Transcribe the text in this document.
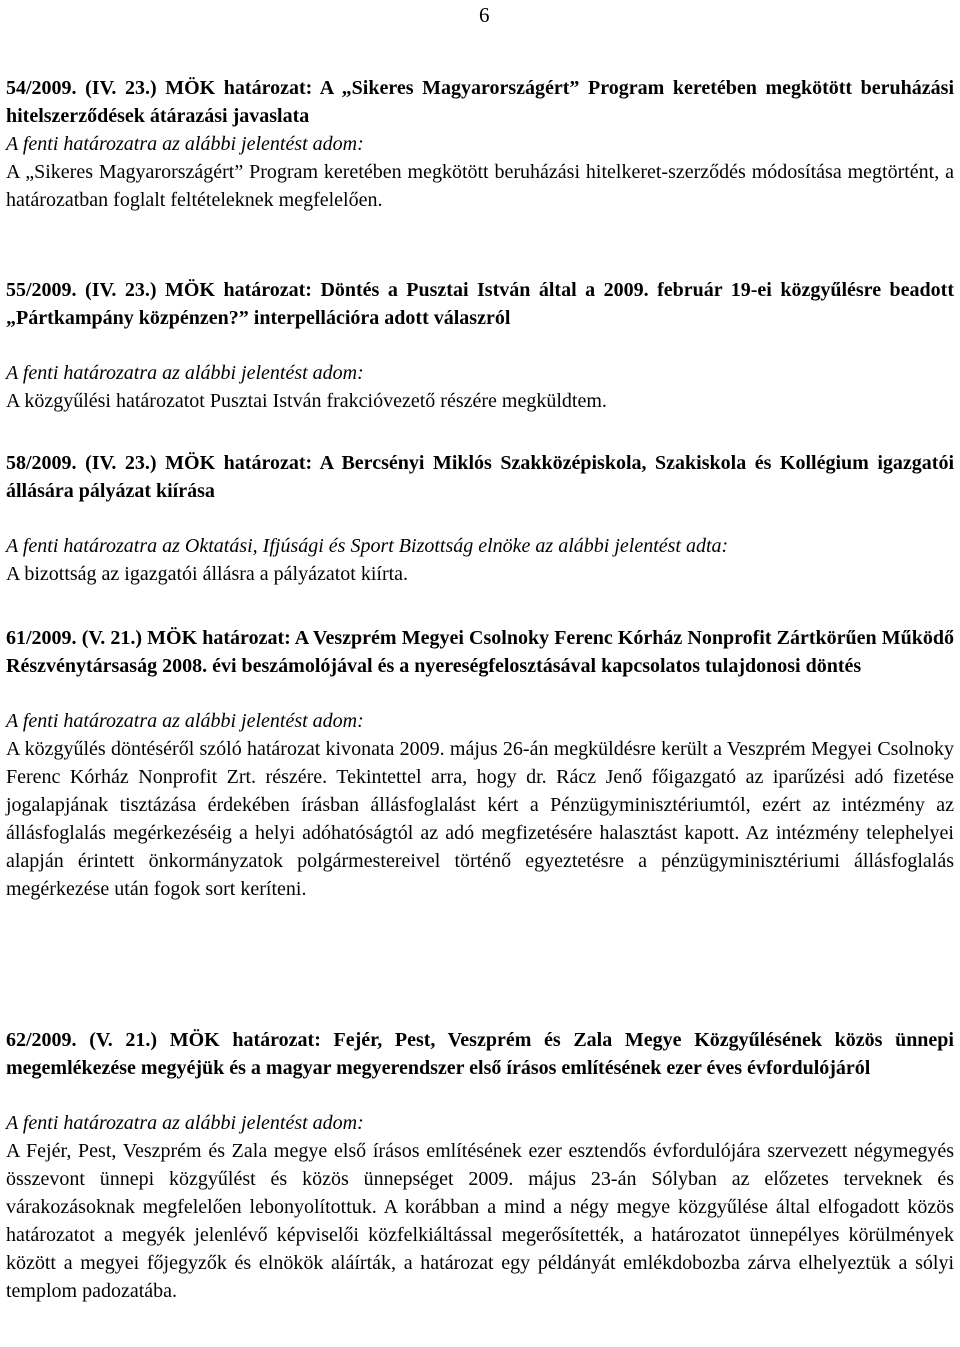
6

54/2009. (IV. 23.) MÖK határozat: A „Sikeres Magyarországért” Program keretében megkötött beruházási hitelszerződések átárazási javaslata

A fenti határozatra az alábbi jelentést adom:

A „Sikeres Magyarországért” Program keretében megkötött beruházási hitelkeret-szerződés módosítása megtörtént, a határozatban foglalt feltételeknek megfelelően.

55/2009. (IV. 23.) MÖK határozat: Döntés a Pusztai István által a 2009. február 19-ei közgyűlésre beadott „Pártkampány közpénzen?” interpellációra adott válaszról

A fenti határozatra az alábbi jelentést adom:

A közgyűlési határozatot Pusztai István frakcióvezető részére megküldtem.

58/2009. (IV. 23.) MÖK határozat: A Bercsényi Miklós Szakközépiskola, Szakiskola és Kollégium igazgatói állására pályázat kiírása

A fenti határozatra az Oktatási, Ifjúsági és Sport Bizottság elnöke az alábbi jelentést adta:

A bizottság az igazgatói állásra a pályázatot kiírta.

61/2009. (V. 21.) MÖK határozat: A Veszprém Megyei Csolnoky Ferenc Kórház Nonprofit Zártkörűen Működő Részvénytársaság 2008. évi beszámolójával és a nyereségfelosztásával kapcsolatos tulajdonosi döntés

A fenti határozatra az alábbi jelentést adom:

A közgyűlés döntéséről szóló határozat kivonata 2009. május 26-án megküldésre került a Veszprém Megyei Csolnoky Ferenc Kórház Nonprofit Zrt. részére. Tekintettel arra, hogy dr. Rácz Jenő főigazgató az iparűzési adó fizetése jogalapjának tisztázása érdekében írásban állásfoglalást kért a Pénzügyminisztériumtól, ezért az intézmény az állásfoglalás megérkezéséig a helyi adóhatóságtól az adó megfizetésére halasztást kapott. Az intézmény telephelyei alapján érintett önkormányzatok polgármestereivel történő egyeztetésre a pénzügyminisztériumi állásfoglalás megérkezése után fogok sort keríteni.

62/2009. (V. 21.) MÖK határozat: Fejér, Pest, Veszprém és Zala Megye Közgyűlésének közös ünnepi megemlékezése megyéjük és a magyar megyerendszer első írásos említésének ezer éves évfordulójáról

A fenti határozatra az alábbi jelentést adom:

A Fejér, Pest, Veszprém és Zala megye első írásos említésének ezer esztendős évfordulójára szervezett négymegyés összevont ünnepi közgyűlést és közös ünnepséget 2009. május 23-án Sólyban az előzetes terveknek és várakozásoknak megfelelően lebonyolítottuk. A korábban a mind a négy megye közgyűlése által elfogadott közös határozatot a megyék jelenlévő képviselői közfelkiáltással megerősítették, a határozatot ünnepélyes körülmények között a megyei főjegyzők és elnökök aláírták, a határozat egy példányát emlékdobozba zárva elhelyeztük a sólyi templom padozatába.
